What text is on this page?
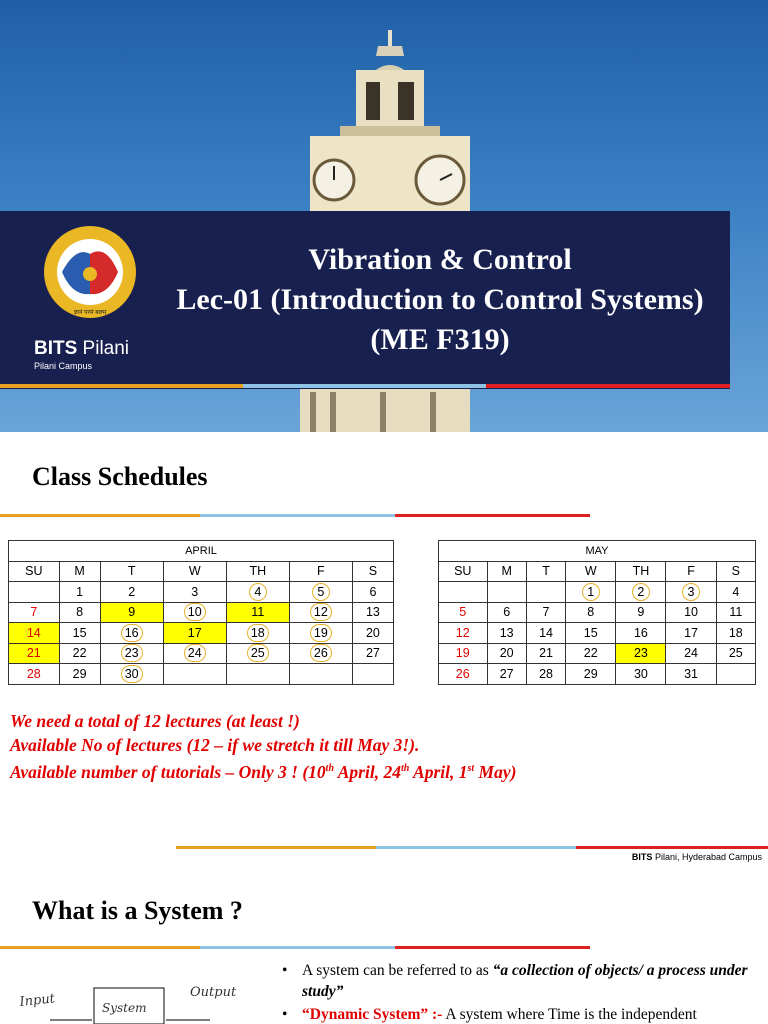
ज्ञानं परमं बलम्
BITS Pilani
Pilani Campus
Vibration & Control
Lec-01 (Introduction to Control Systems)
(ME F319)
Class Schedules
APRIL						
SU	M	T	W	TH	F	S
	1	2	3	4	5	6
7	8	9	10	11	12	13
14	15	16	17	18	19	20
21	22	23	24	25	26	27
28	29	30				
MAY						
SU	M	T	W	TH	F	S
			1	2	3	4
5	6	7	8	9	10	11
12	13	14	15	16	17	18
19	20	21	22	23	24	25
26	27	28	29	30	31	
We need a total of 12 lectures (at least !)
Available No of lectures (12 – if we stretch it till May 3!).
Available number of tutorials – Only 3 ! (10th April, 24th April, 1st May)
BITS Pilani, Hyderabad Campus
What is a System ?
Input	System
Output
• A system can be referred to as “a collection of objects/ a process under study”
• “Dynamic System” :- A system where Time is the independent
